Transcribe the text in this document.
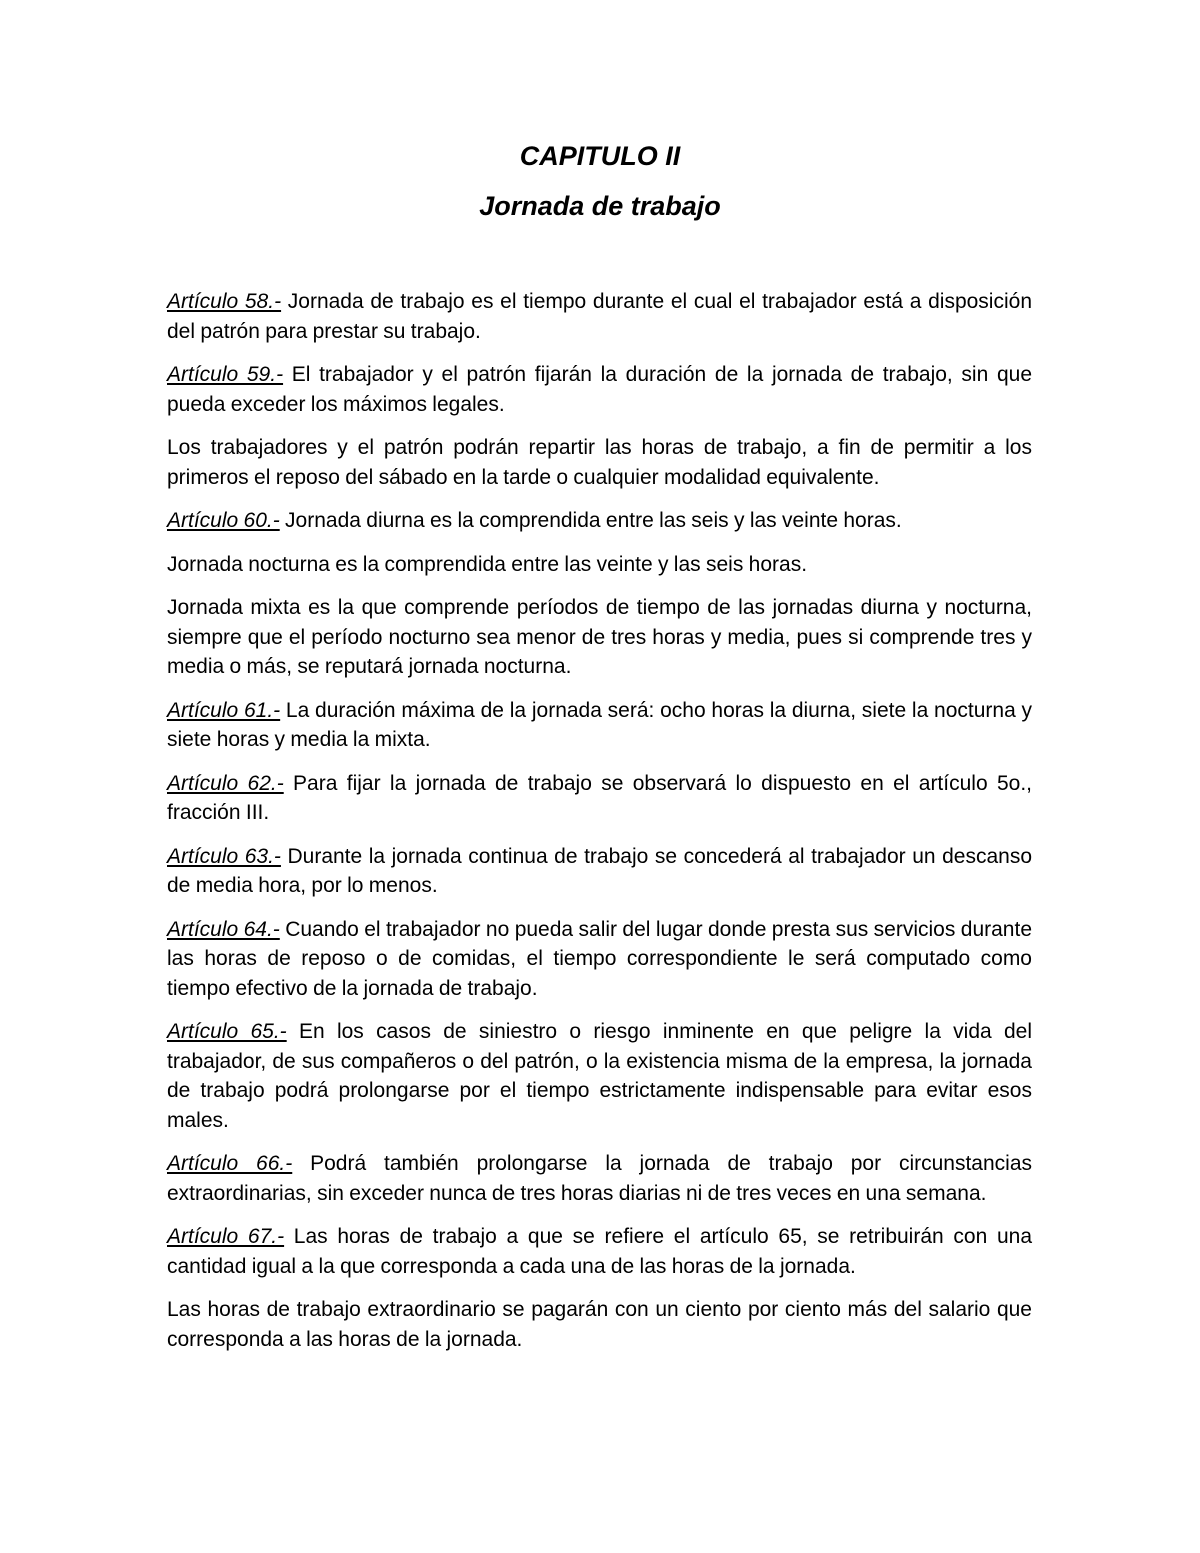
CAPITULO II
Jornada de trabajo

Artículo 58.- Jornada de trabajo es el tiempo durante el cual el trabajador está a disposición del patrón para prestar su trabajo.

Artículo 59.- El trabajador y el patrón fijarán la duración de la jornada de trabajo, sin que pueda exceder los máximos legales.

Los trabajadores y el patrón podrán repartir las horas de trabajo, a fin de permitir a los primeros el reposo del sábado en la tarde o cualquier modalidad equivalente.

Artículo 60.- Jornada diurna es la comprendida entre las seis y las veinte horas.

Jornada nocturna es la comprendida entre las veinte y las seis horas.

Jornada mixta es la que comprende períodos de tiempo de las jornadas diurna y nocturna, siempre que el período nocturno sea menor de tres horas y media, pues si comprende tres y media o más, se reputará jornada nocturna.

Artículo 61.- La duración máxima de la jornada será: ocho horas la diurna, siete la nocturna y siete horas y media la mixta.

Artículo 62.- Para fijar la jornada de trabajo se observará lo dispuesto en el artículo 5o., fracción III.

Artículo 63.- Durante la jornada continua de trabajo se concederá al trabajador un descanso de media hora, por lo menos.

Artículo 64.- Cuando el trabajador no pueda salir del lugar donde presta sus servicios durante las horas de reposo o de comidas, el tiempo correspondiente le será computado como tiempo efectivo de la jornada de trabajo.

Artículo 65.- En los casos de siniestro o riesgo inminente en que peligre la vida del trabajador, de sus compañeros o del patrón, o la existencia misma de la empresa, la jornada de trabajo podrá prolongarse por el tiempo estrictamente indispensable para evitar esos males.

Artículo 66.- Podrá también prolongarse la jornada de trabajo por circunstancias extraordinarias, sin exceder nunca de tres horas diarias ni de tres veces en una semana.

Artículo 67.- Las horas de trabajo a que se refiere el artículo 65, se retribuirán con una cantidad igual a la que corresponda a cada una de las horas de la jornada.

Las horas de trabajo extraordinario se pagarán con un ciento por ciento más del salario que corresponda a las horas de la jornada.
